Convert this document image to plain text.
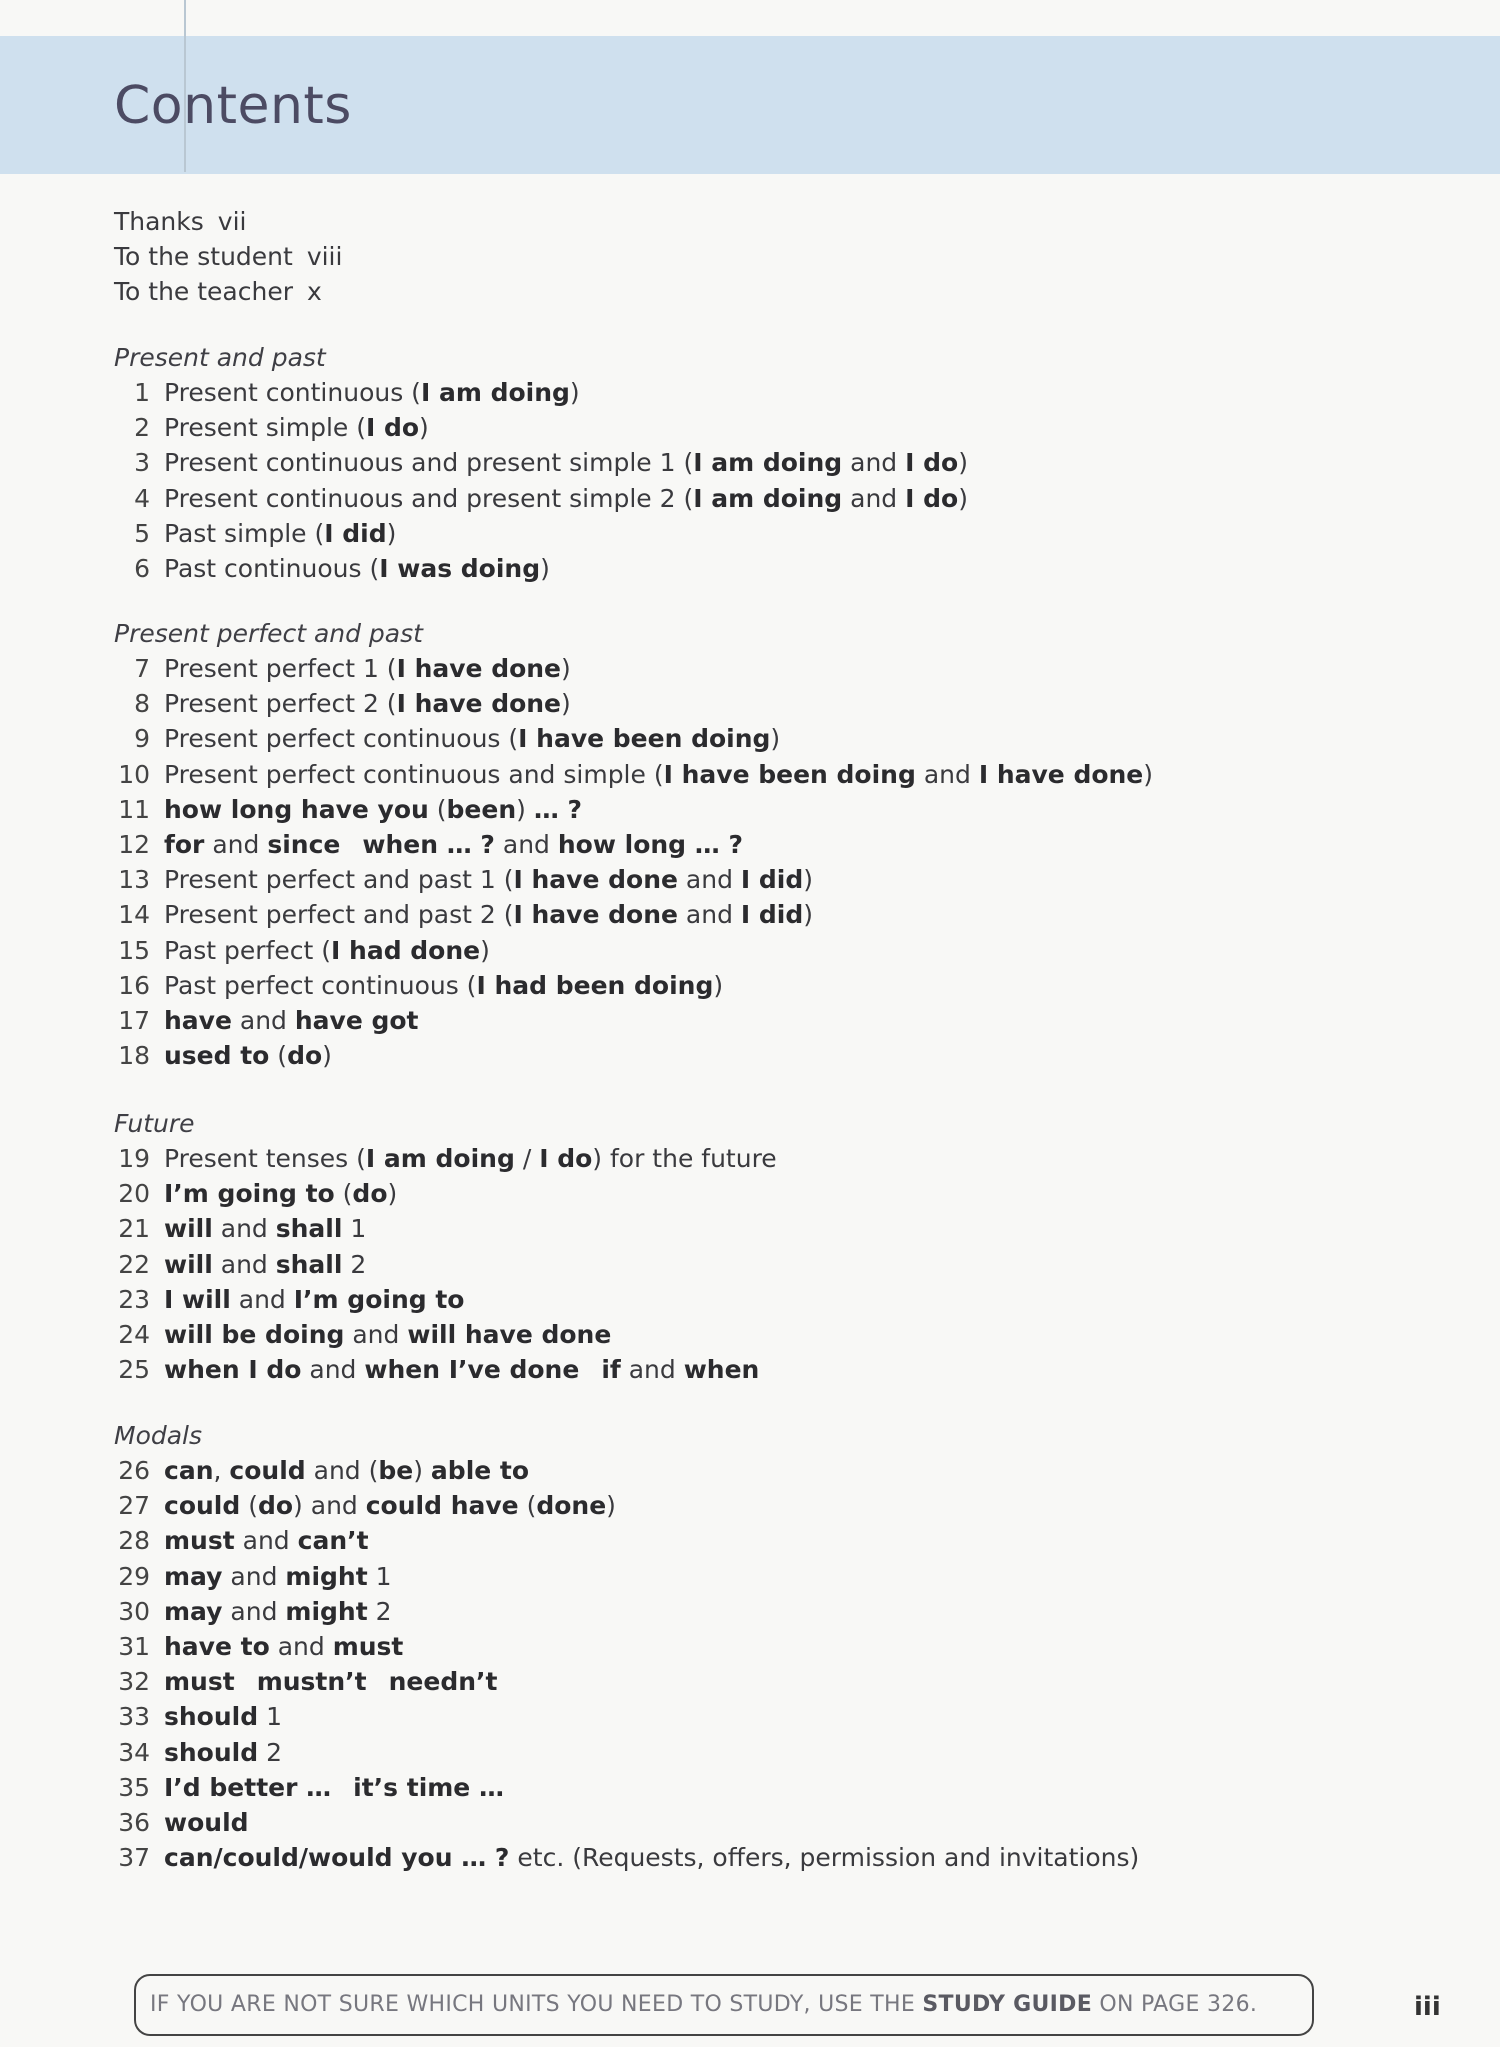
Contents
Thanks vii
To the student viii
To the teacher x
Present and past
1 Present continuous (I am doing)
2 Present simple (I do)
3 Present continuous and present simple 1 (I am doing and I do)
4 Present continuous and present simple 2 (I am doing and I do)
5 Past simple (I did)
6 Past continuous (I was doing)
Present perfect and past
7 Present perfect 1 (I have done)
8 Present perfect 2 (I have done)
9 Present perfect continuous (I have been doing)
10 Present perfect continuous and simple (I have been doing and I have done)
11 how long have you (been) … ?
12 for and since when … ? and how long … ?
13 Present perfect and past 1 (I have done and I did)
14 Present perfect and past 2 (I have done and I did)
15 Past perfect (I had done)
16 Past perfect continuous (I had been doing)
17 have and have got
18 used to (do)
Future
19 Present tenses (I am doing / I do) for the future
20 I’m going to (do)
21 will and shall 1
22 will and shall 2
23 I will and I’m going to
24 will be doing and will have done
25 when I do and when I’ve done if and when
Modals
26 can, could and (be) able to
27 could (do) and could have (done)
28 must and can’t
29 may and might 1
30 may and might 2
31 have to and must
32 must mustn’t needn’t
33 should 1
34 should 2
35 I’d better … it’s time …
36 would
37 can/could/would you … ? etc. (Requests, offers, permission and invitations)
IF YOU ARE NOT SURE WHICH UNITS YOU NEED TO STUDY, USE THE STUDY GUIDE ON PAGE 326.	iii
